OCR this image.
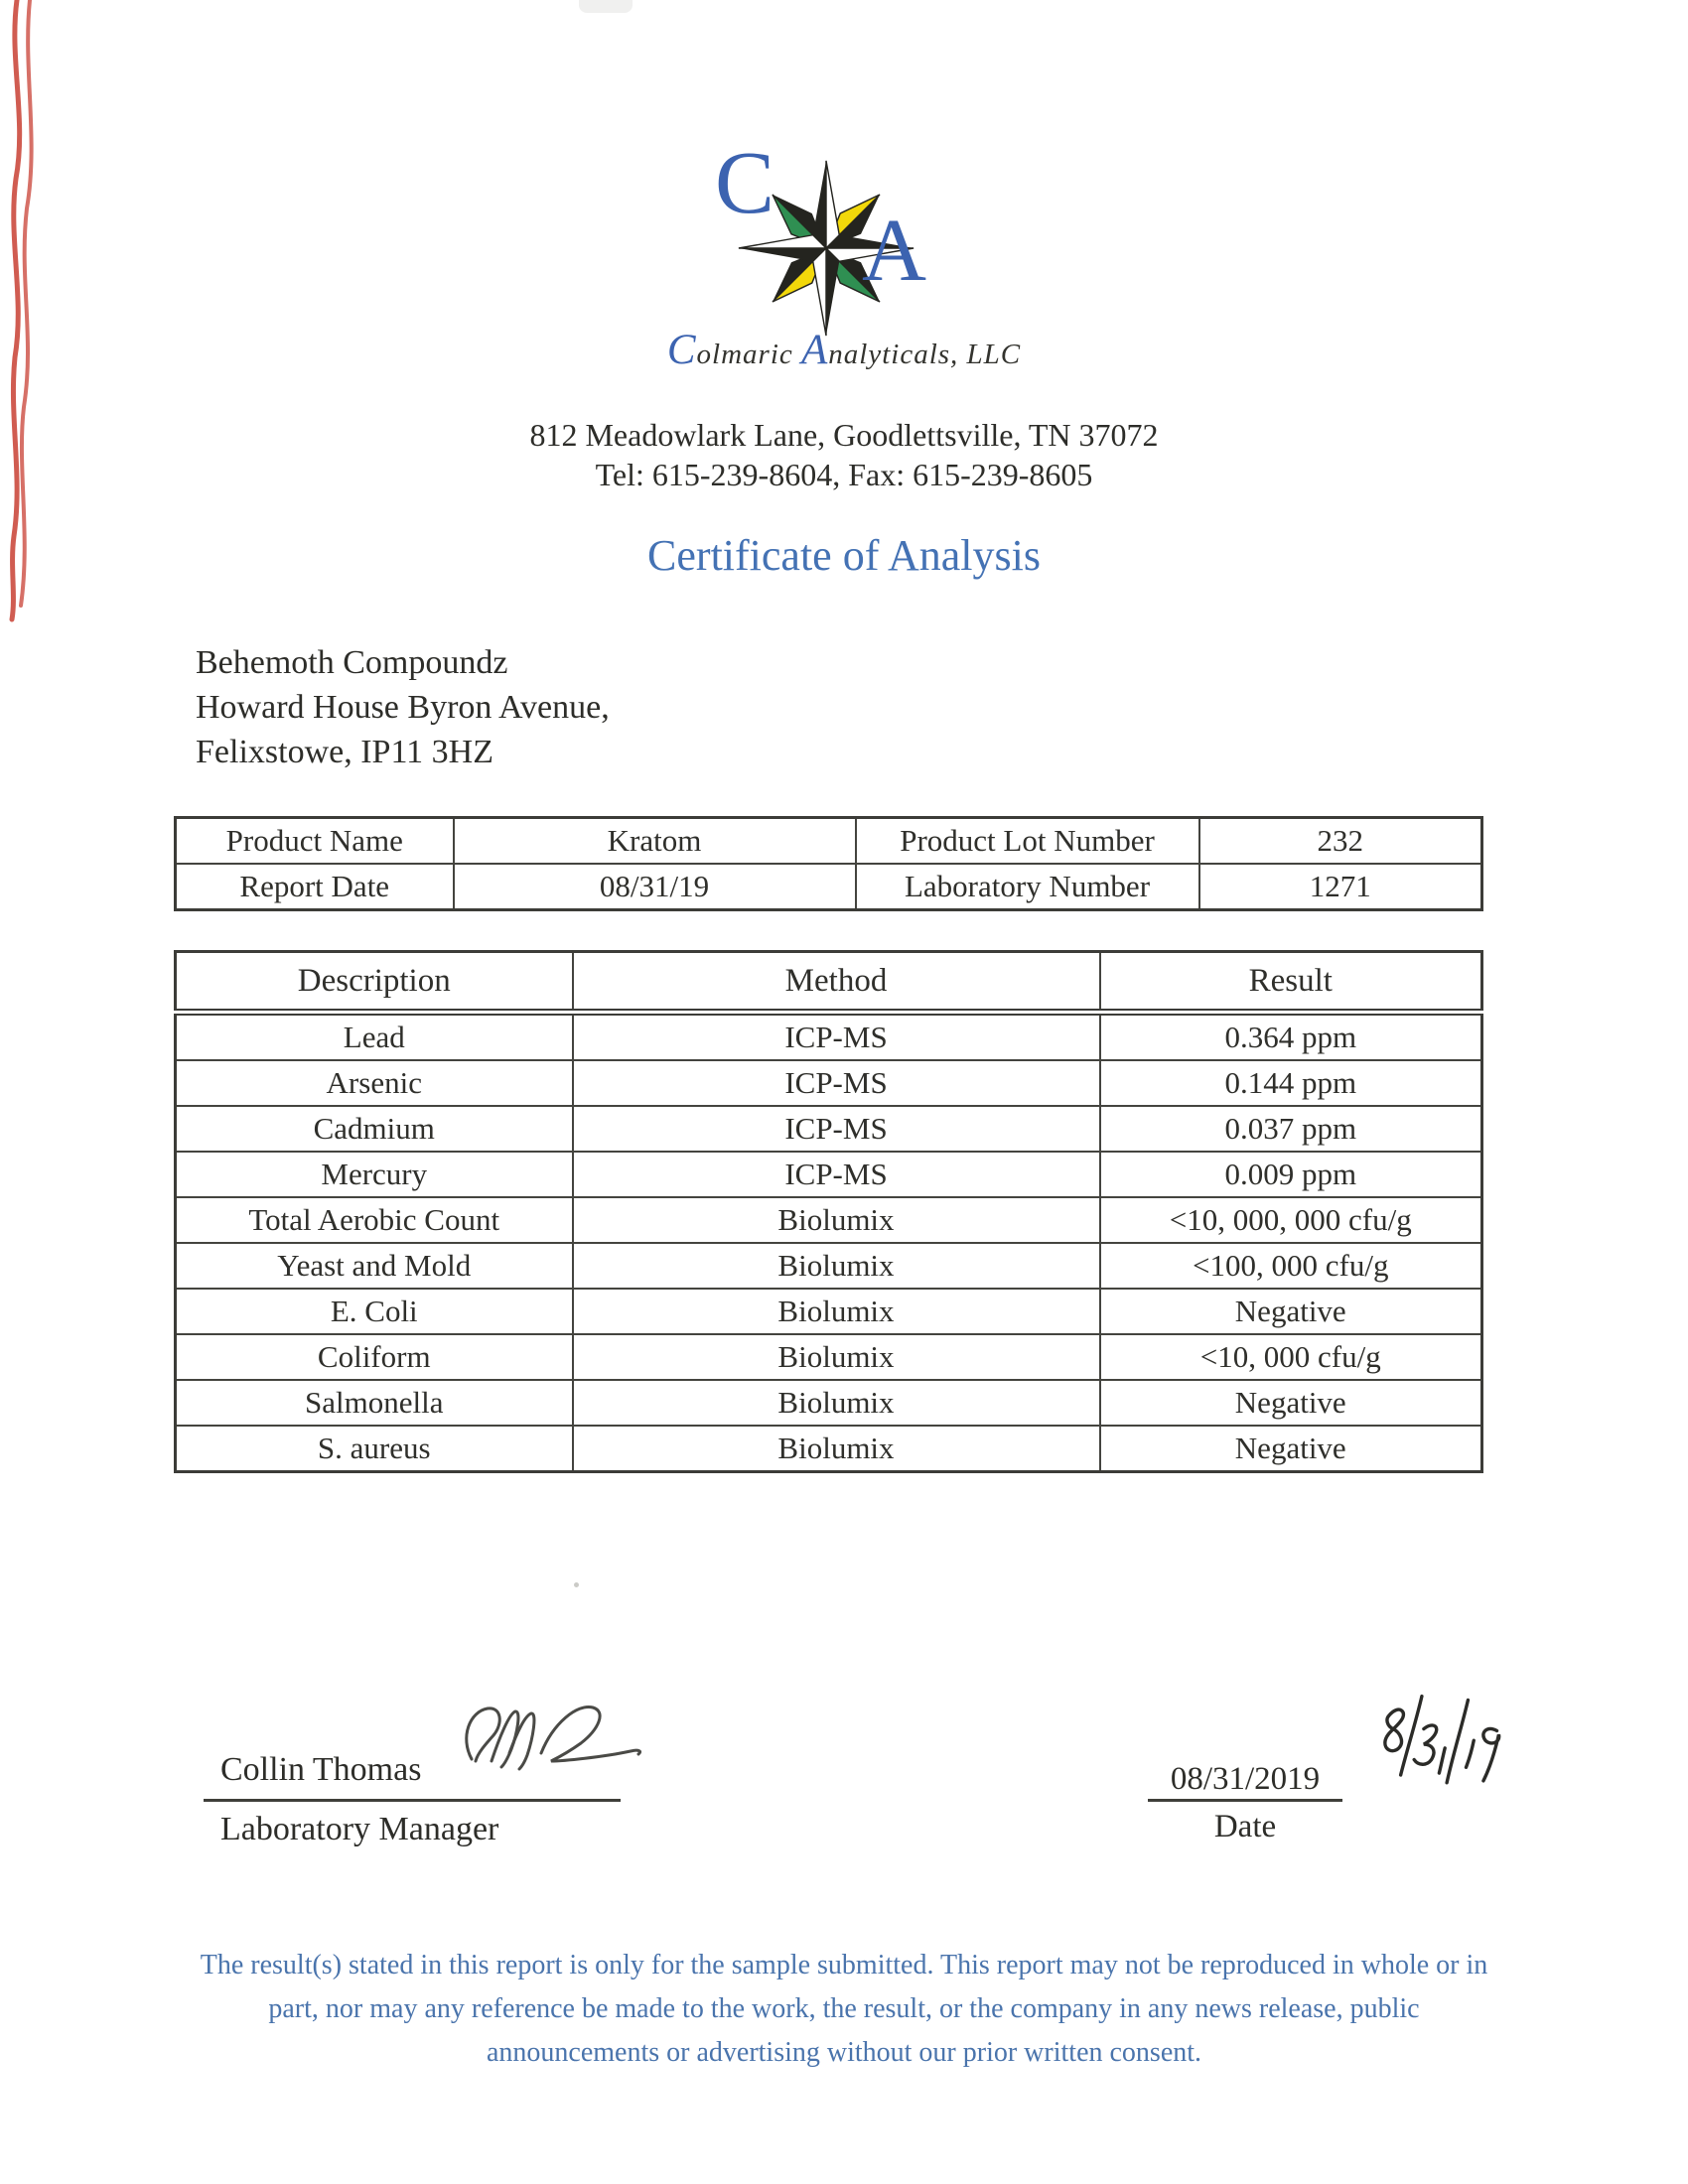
C
A
Colmaric Analyticals, LLC
812 Meadowlark Lane, Goodlettsville, TN 37072
Tel: 615-239-8604, Fax: 615-239-8605
Certificate of Analysis
Behemoth Compoundz
Howard House Byron Avenue,
Felixstowe, IP11 3HZ
Product Name	Kratom	Product Lot Number	232
Report Date	08/31/19	Laboratory Number	1271
Description	Method	Result
Lead	ICP-MS	0.364 ppm
Arsenic	ICP-MS	0.144 ppm
Cadmium	ICP-MS	0.037 ppm
Mercury	ICP-MS	0.009 ppm
Total Aerobic Count	Biolumix	<10, 000, 000 cfu/g
Yeast and Mold	Biolumix	<100, 000 cfu/g
E. Coli	Biolumix	Negative
Coliform	Biolumix	<10, 000 cfu/g
Salmonella	Biolumix	Negative
S. aureus	Biolumix	Negative
Collin Thomas
Laboratory Manager
08/31/2019
Date
The result(s) stated in this report is only for the sample submitted. This report may not be reproduced in whole or in
part, nor may any reference be made to the work, the result, or the company in any news release, public
announcements or advertising without our prior written consent.
